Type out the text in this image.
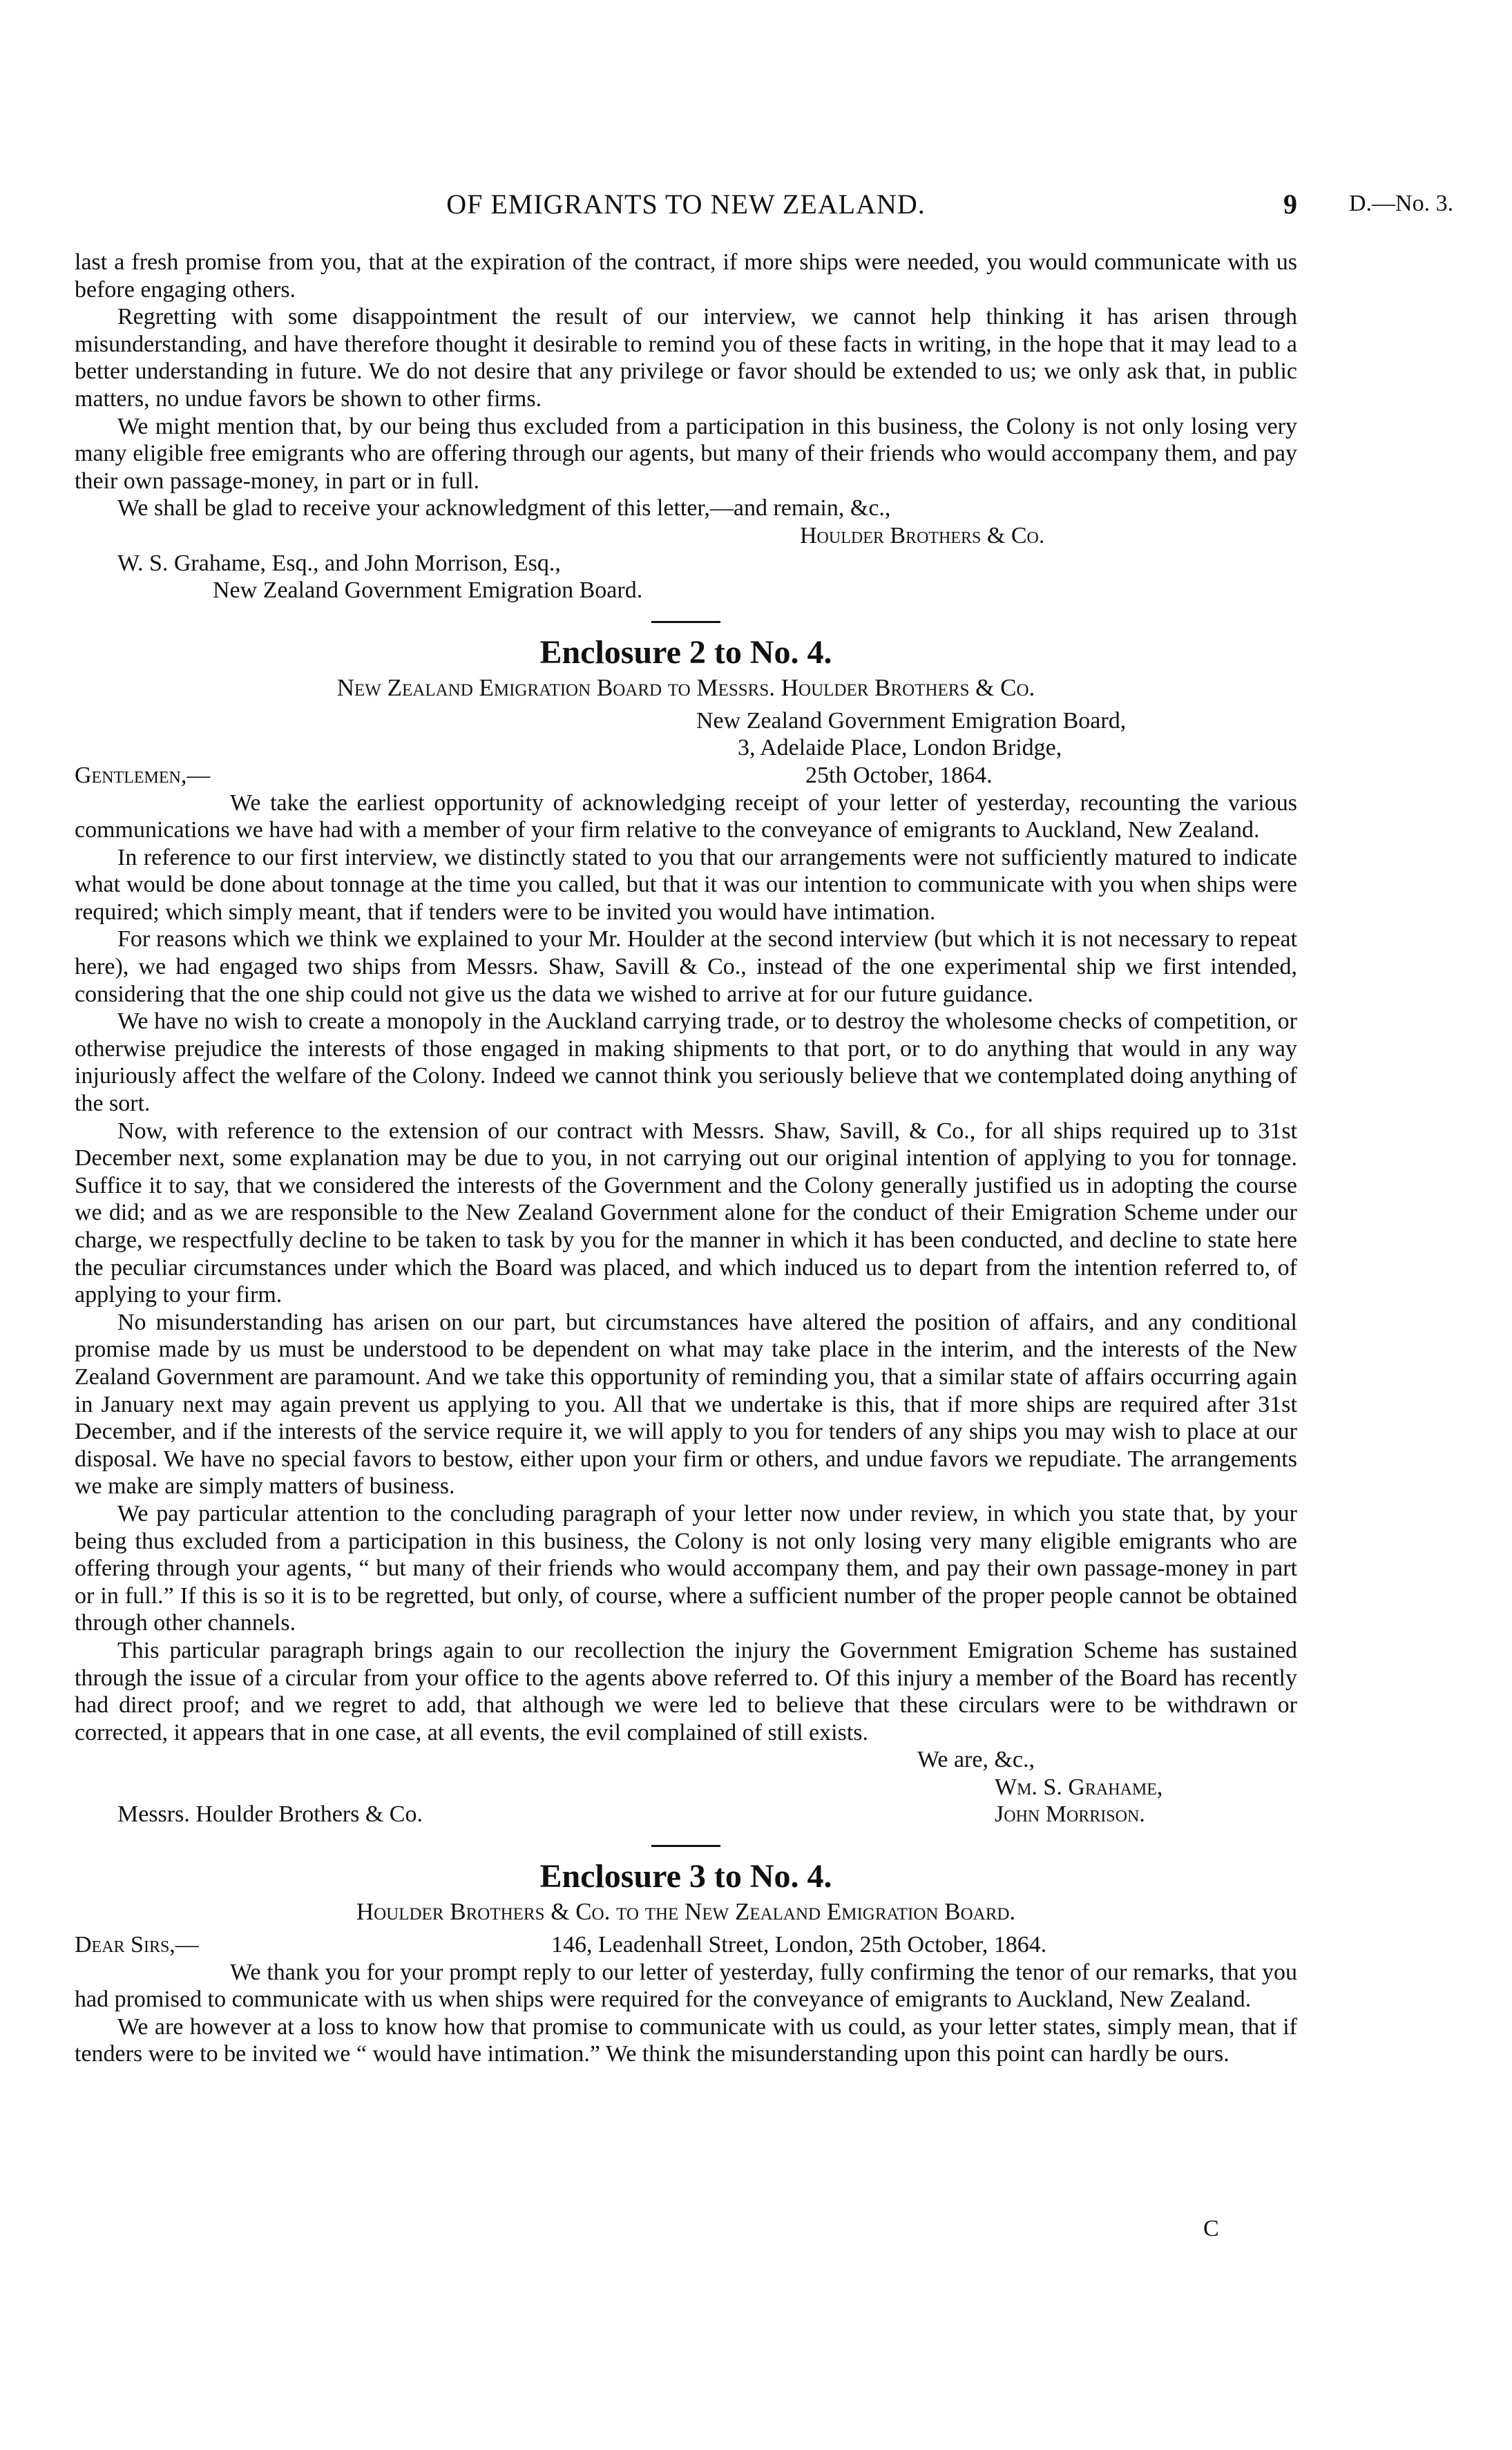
OF EMIGRANTS TO NEW ZEALAND.	9 D.—No. 3.

last a fresh promise from you, that at the expiration of the contract, if more ships were needed, you would communicate with us before engaging others.

Regretting with some disappointment the result of our interview, we cannot help thinking it has arisen through misunderstanding, and have therefore thought it desirable to remind you of these facts in writing, in the hope that it may lead to a better understanding in future. We do not desire that any privilege or favor should be extended to us; we only ask that, in public matters, no undue favors be shown to other firms.

We might mention that, by our being thus excluded from a participation in this business, the Colony is not only losing very many eligible free emigrants who are offering through our agents, but many of their friends who would accompany them, and pay their own passage-money, in part or in full.

We shall be glad to receive your acknowledgment of this letter,—and remain, &c.,

Houlder Brothers & Co.

W. S. Grahame, Esq., and John Morrison, Esq.,

New Zealand Government Emigration Board.

Enclosure 2 to No. 4.
New Zealand Emigration Board to Messrs. Houlder Brothers & Co.

New Zealand Government Emigration Board,

3, Adelaide Place, London Bridge,

Gentlemen,—	25th October, 1864.

We take the earliest opportunity of acknowledging receipt of your letter of yesterday, recounting the various communications we have had with a member of your firm relative to the conveyance of emigrants to Auckland, New Zealand.

In reference to our first interview, we distinctly stated to you that our arrangements were not sufficiently matured to indicate what would be done about tonnage at the time you called, but that it was our intention to communicate with you when ships were required; which simply meant, that if tenders were to be invited you would have intimation.

For reasons which we think we explained to your Mr. Houlder at the second interview (but which it is not necessary to repeat here), we had engaged two ships from Messrs. Shaw, Savill & Co., instead of the one experimental ship we first intended, considering that the one ship could not give us the data we wished to arrive at for our future guidance.

We have no wish to create a monopoly in the Auckland carrying trade, or to destroy the wholesome checks of competition, or otherwise prejudice the interests of those engaged in making shipments to that port, or to do anything that would in any way injuriously affect the welfare of the Colony. Indeed we cannot think you seriously believe that we contemplated doing anything of the sort.

Now, with reference to the extension of our contract with Messrs. Shaw, Savill, & Co., for all ships required up to 31st December next, some explanation may be due to you, in not carrying out our original intention of applying to you for tonnage. Suffice it to say, that we considered the interests of the Government and the Colony generally justified us in adopting the course we did; and as we are responsible to the New Zealand Government alone for the conduct of their Emigration Scheme under our charge, we respectfully decline to be taken to task by you for the manner in which it has been conducted, and decline to state here the peculiar circumstances under which the Board was placed, and which induced us to depart from the intention referred to, of applying to your firm.

No misunderstanding has arisen on our part, but circumstances have altered the position of affairs, and any conditional promise made by us must be understood to be dependent on what may take place in the interim, and the interests of the New Zealand Government are paramount. And we take this opportunity of reminding you, that a similar state of affairs occurring again in January next may again prevent us applying to you. All that we undertake is this, that if more ships are required after 31st December, and if the interests of the service require it, we will apply to you for tenders of any ships you may wish to place at our disposal. We have no special favors to bestow, either upon your firm or others, and undue favors we repudiate. The arrangements we make are simply matters of business.

We pay particular attention to the concluding paragraph of your letter now under review, in which you state that, by your being thus excluded from a participation in this business, the Colony is not only losing very many eligible emigrants who are offering through your agents, “ but many of their friends who would accompany them, and pay their own passage-money in part or in full.” If this is so it is to be regretted, but only, of course, where a sufficient number of the proper people cannot be obtained through other channels.

This particular paragraph brings again to our recollection the injury the Government Emigration Scheme has sustained through the issue of a circular from your office to the agents above referred to. Of this injury a member of the Board has recently had direct proof; and we regret to add, that although we were led to believe that these circulars were to be withdrawn or corrected, it appears that in one case, at all events, the evil complained of still exists.

We are, &c.,
Wm. S. Grahame,
Messrs. Houlder Brothers & Co.	John Morrison.
Enclosure 3 to No. 4.
Houlder Brothers & Co. to the New Zealand Emigration Board.
Dear Sirs,—	146, Leadenhall Street, London, 25th October, 1864.

We thank you for your prompt reply to our letter of yesterday, fully confirming the tenor of our remarks, that you had promised to communicate with us when ships were required for the conveyance of emigrants to Auckland, New Zealand.

We are however at a loss to know how that promise to communicate with us could, as your letter states, simply mean, that if tenders were to be invited we “ would have intimation.” We think the misunderstanding upon this point can hardly be ours.

C
